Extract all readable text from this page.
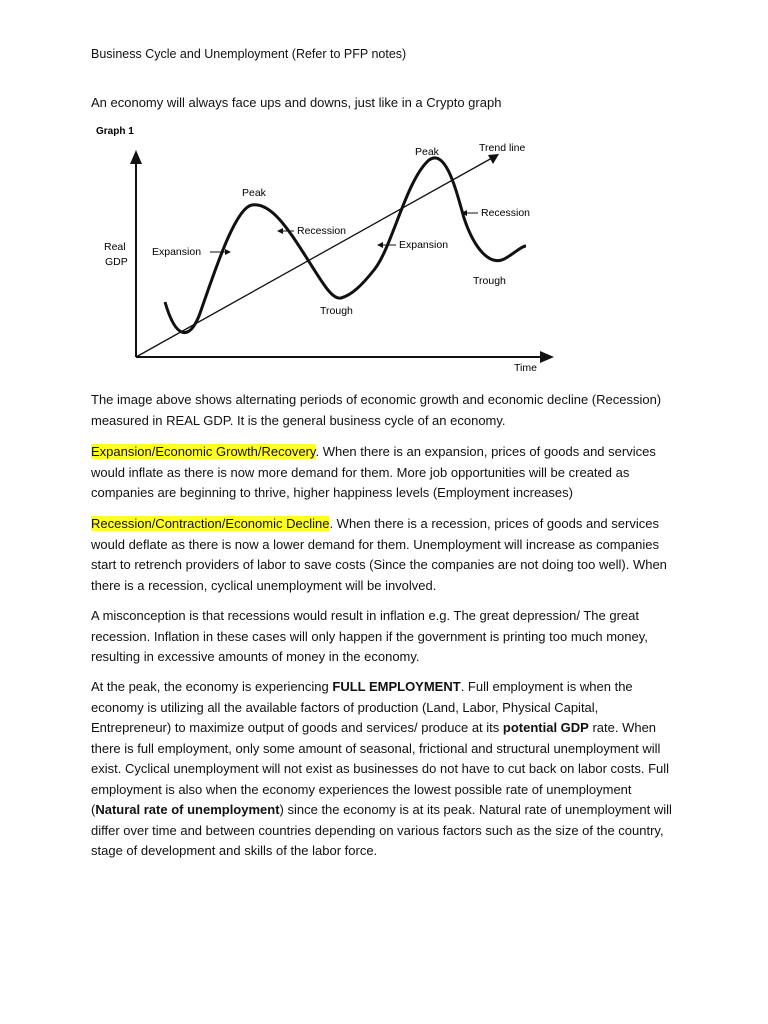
Business Cycle and Unemployment (Refer to PFP notes)
An economy will always face ups and downs, just like in a Crypto graph
Graph 1
Real
GDP
Time
Trend line
Peak
Peak
Trough
Trough
Expansion
Expansion
Recession
Recession

The image above shows alternating periods of economic growth and economic decline (Recession) measured in REAL GDP. It is the general business cycle of an economy.

Expansion/Economic Growth/Recovery. When there is an expansion, prices of goods and services would inflate as there is now more demand for them. More job opportunities will be created as companies are beginning to thrive, higher happiness levels (Employment increases)

Recession/Contraction/Economic Decline. When there is a recession, prices of goods and services would deflate as there is now a lower demand for them. Unemployment will increase as companies start to retrench providers of labor to save costs (Since the companies are not doing too well). When there is a recession, cyclical unemployment will be involved.

A misconception is that recessions would result in inflation e.g. The great depression/ The great recession. Inflation in these cases will only happen if the government is printing too much money, resulting in excessive amounts of money in the economy.

At the peak, the economy is experiencing FULL EMPLOYMENT. Full employment is when the economy is utilizing all the available factors of production (Land, Labor, Physical Capital, Entrepreneur) to maximize output of goods and services/ produce at its potential GDP rate. When there is full employment, only some amount of seasonal, frictional and structural unemployment will exist. Cyclical unemployment will not exist as businesses do not have to cut back on labor costs. Full employment is also when the economy experiences the lowest possible rate of unemployment (Natural rate of unemployment) since the economy is at its peak. Natural rate of unemployment will differ over time and between countries depending on various factors such as the size of the country, stage of development and skills of the labor force.
